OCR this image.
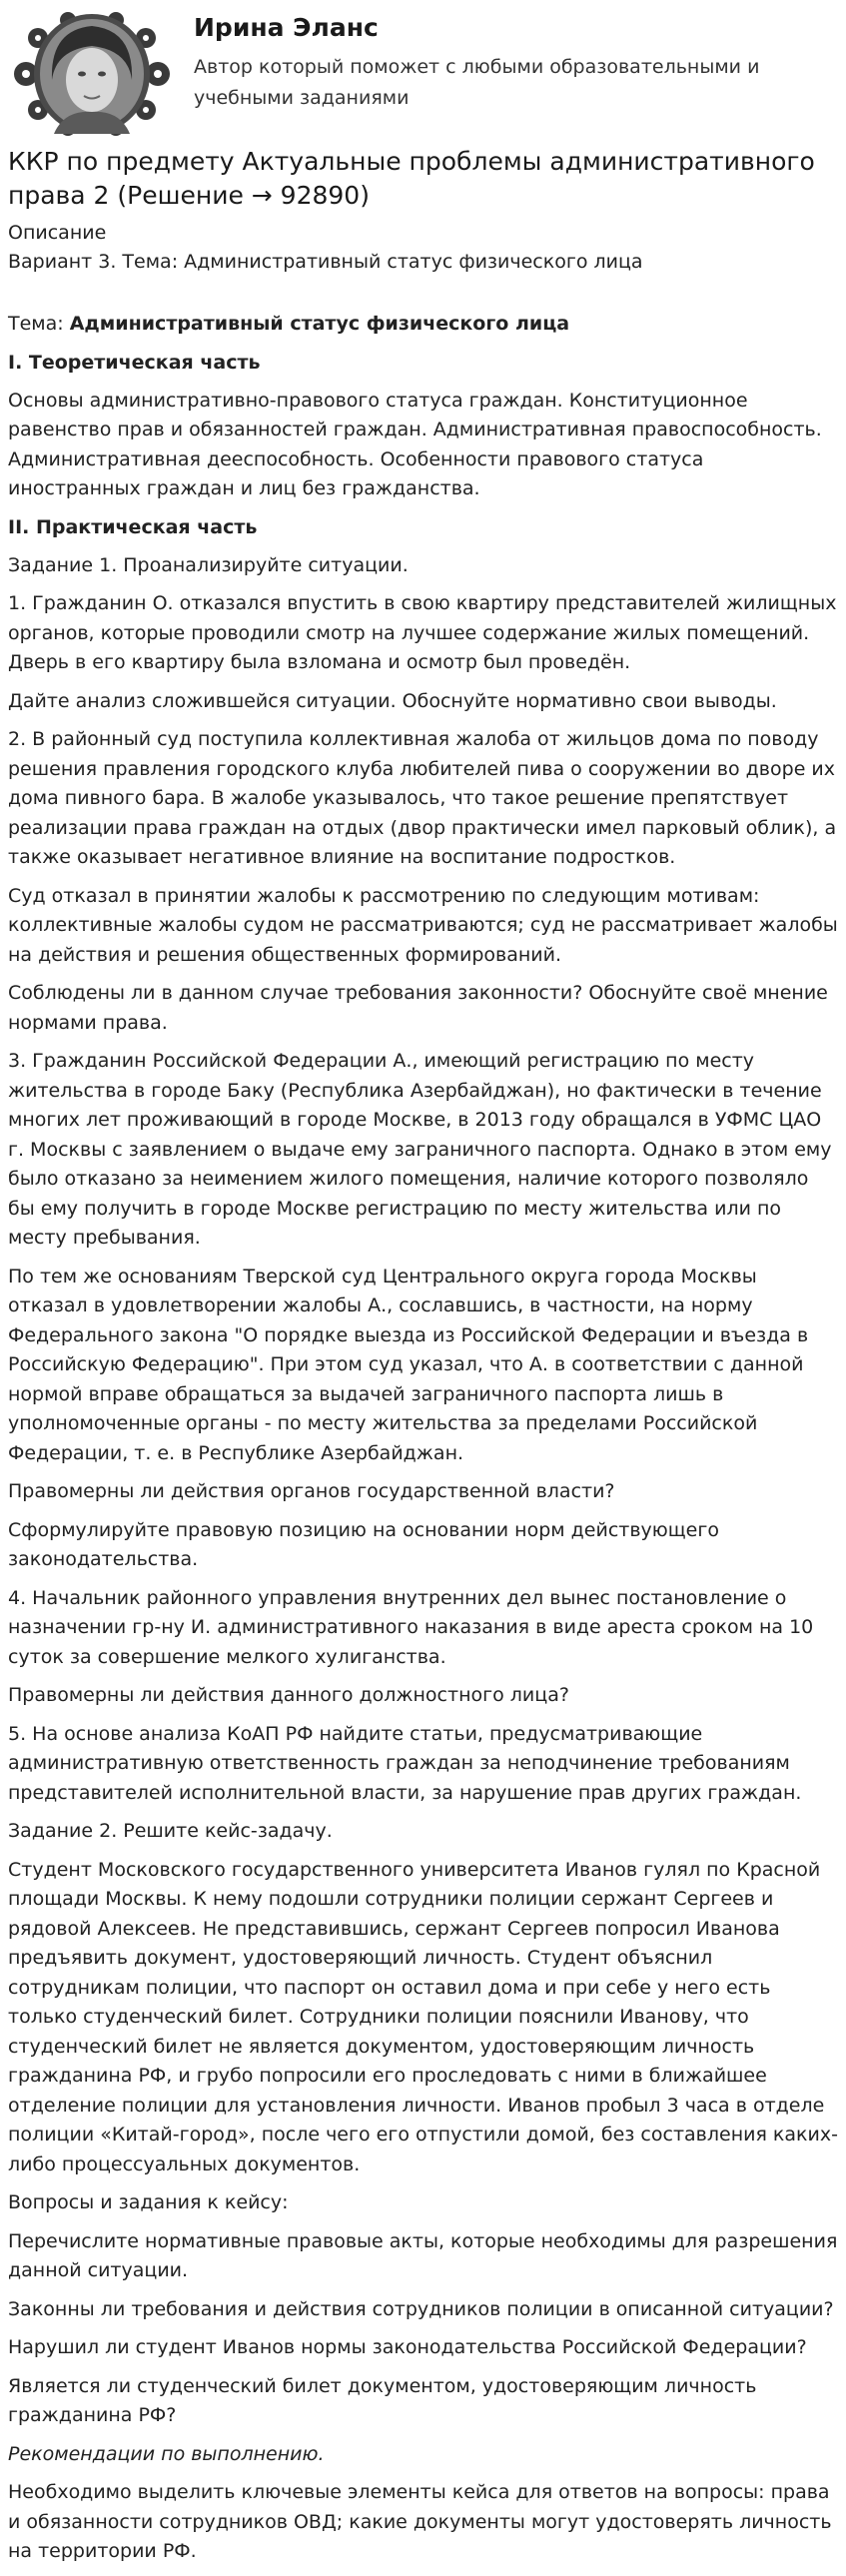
Ирина Эланс
Автор который поможет с любыми образовательными и учебными заданиями
ККР по предмету Актуальные проблемы административного права 2 (Решение → 92890)
Описание
Вариант 3. Тема: Административный статус физического лица

Тема: Административный статус физического лица

I. Теоретическая часть

Основы административно-правового статуса граждан. Конституционное равенство прав и обязанностей граждан. Административная правоспособность. Административная дееспособность. Особенности правового статуса иностранных граждан и лиц без гражданства.

II. Практическая часть

Задание 1. Проанализируйте ситуации.

1. Гражданин О. отказался впустить в свою квартиру представителей жилищных органов, которые проводили смотр на лучшее содержание жилых помещений. Дверь в его квартиру была взломана и осмотр был проведён.

Дайте анализ сложившейся ситуации. Обоснуйте нормативно свои выводы.

2. В районный суд поступила коллективная жалоба от жильцов дома по поводу решения правления городского клуба любителей пива о сооружении во дворе их дома пивного бара. В жалобе указывалось, что такое решение препятствует реализации права граждан на отдых (двор практически имел парковый облик), а также оказывает негативное влияние на воспитание подростков.

Суд отказал в принятии жалобы к рассмотрению по следующим мотивам: коллективные жалобы судом не рассматриваются; суд не рассматривает жалобы на действия и решения общественных формирований.

Соблюдены ли в данном случае требования законности? Обоснуйте своё мнение нормами права.

3. Гражданин Российской Федерации А., имеющий регистрацию по месту жительства в городе Баку (Республика Азербайджан), но фактически в течение многих лет проживающий в городе Москве, в 2013 году обращался в УФМС ЦАО г. Москвы с заявлением о выдаче ему заграничного паспорта. Однако в этом ему было отказано за неимением жилого помещения, наличие которого позволяло бы ему получить в городе Москве регистрацию по месту жительства или по месту пребывания.

По тем же основаниям Тверской суд Центрального округа города Москвы отказал в удовлетворении жалобы А., сославшись, в частности, на норму Федерального закона "О порядке выезда из Российской Федерации и въезда в Российскую Федерацию". При этом суд указал, что А. в соответствии с данной нормой вправе обращаться за выдачей заграничного паспорта лишь в уполномоченные органы - по месту жительства за пределами Российской Федерации, т. е. в Республике Азербайджан.

Правомерны ли действия органов государственной власти?

Сформулируйте правовую позицию на основании норм действующего законодательства.

4. Начальник районного управления внутренних дел вынес постановление о назначении гр-ну И. административного наказания в виде ареста сроком на 10 суток за совершение мелкого хулиганства.

Правомерны ли действия данного должностного лица?

5. На основе анализа КоАП РФ найдите статьи, предусматривающие административную ответственность граждан за неподчинение требованиям представителей исполнительной власти, за нарушение прав других граждан.

Задание 2. Решите кейс-задачу.

Студент Московского государственного университета Иванов гулял по Красной площади Москвы. К нему подошли сотрудники полиции сержант Сергеев и рядовой Алексеев. Не представившись, сержант Сергеев попросил Иванова предъявить документ, удостоверяющий личность. Студент объяснил сотрудникам полиции, что паспорт он оставил дома и при себе у него есть только студенческий билет. Сотрудники полиции пояснили Иванову, что студенческий билет не является документом, удостоверяющим личность гражданина РФ, и грубо попросили его проследовать с ними в ближайшее отделение полиции для установления личности. Иванов пробыл 3 часа в отделе полиции «Китай-город», после чего его отпустили домой, без составления каких-либо процессуальных документов.

Вопросы и задания к кейсу:

Перечислите нормативные правовые акты, которые необходимы для разрешения данной ситуации.

Законны ли требования и действия сотрудников полиции в описанной ситуации?

Нарушил ли студент Иванов нормы законодательства Российской Федерации?

Является ли студенческий билет документом, удостоверяющим личность гражданина РФ?

Рекомендации по выполнению.

Необходимо выделить ключевые элементы кейса для ответов на вопросы: права и обязанности сотрудников ОВД; какие документы могут удостоверять личность на территории РФ.
